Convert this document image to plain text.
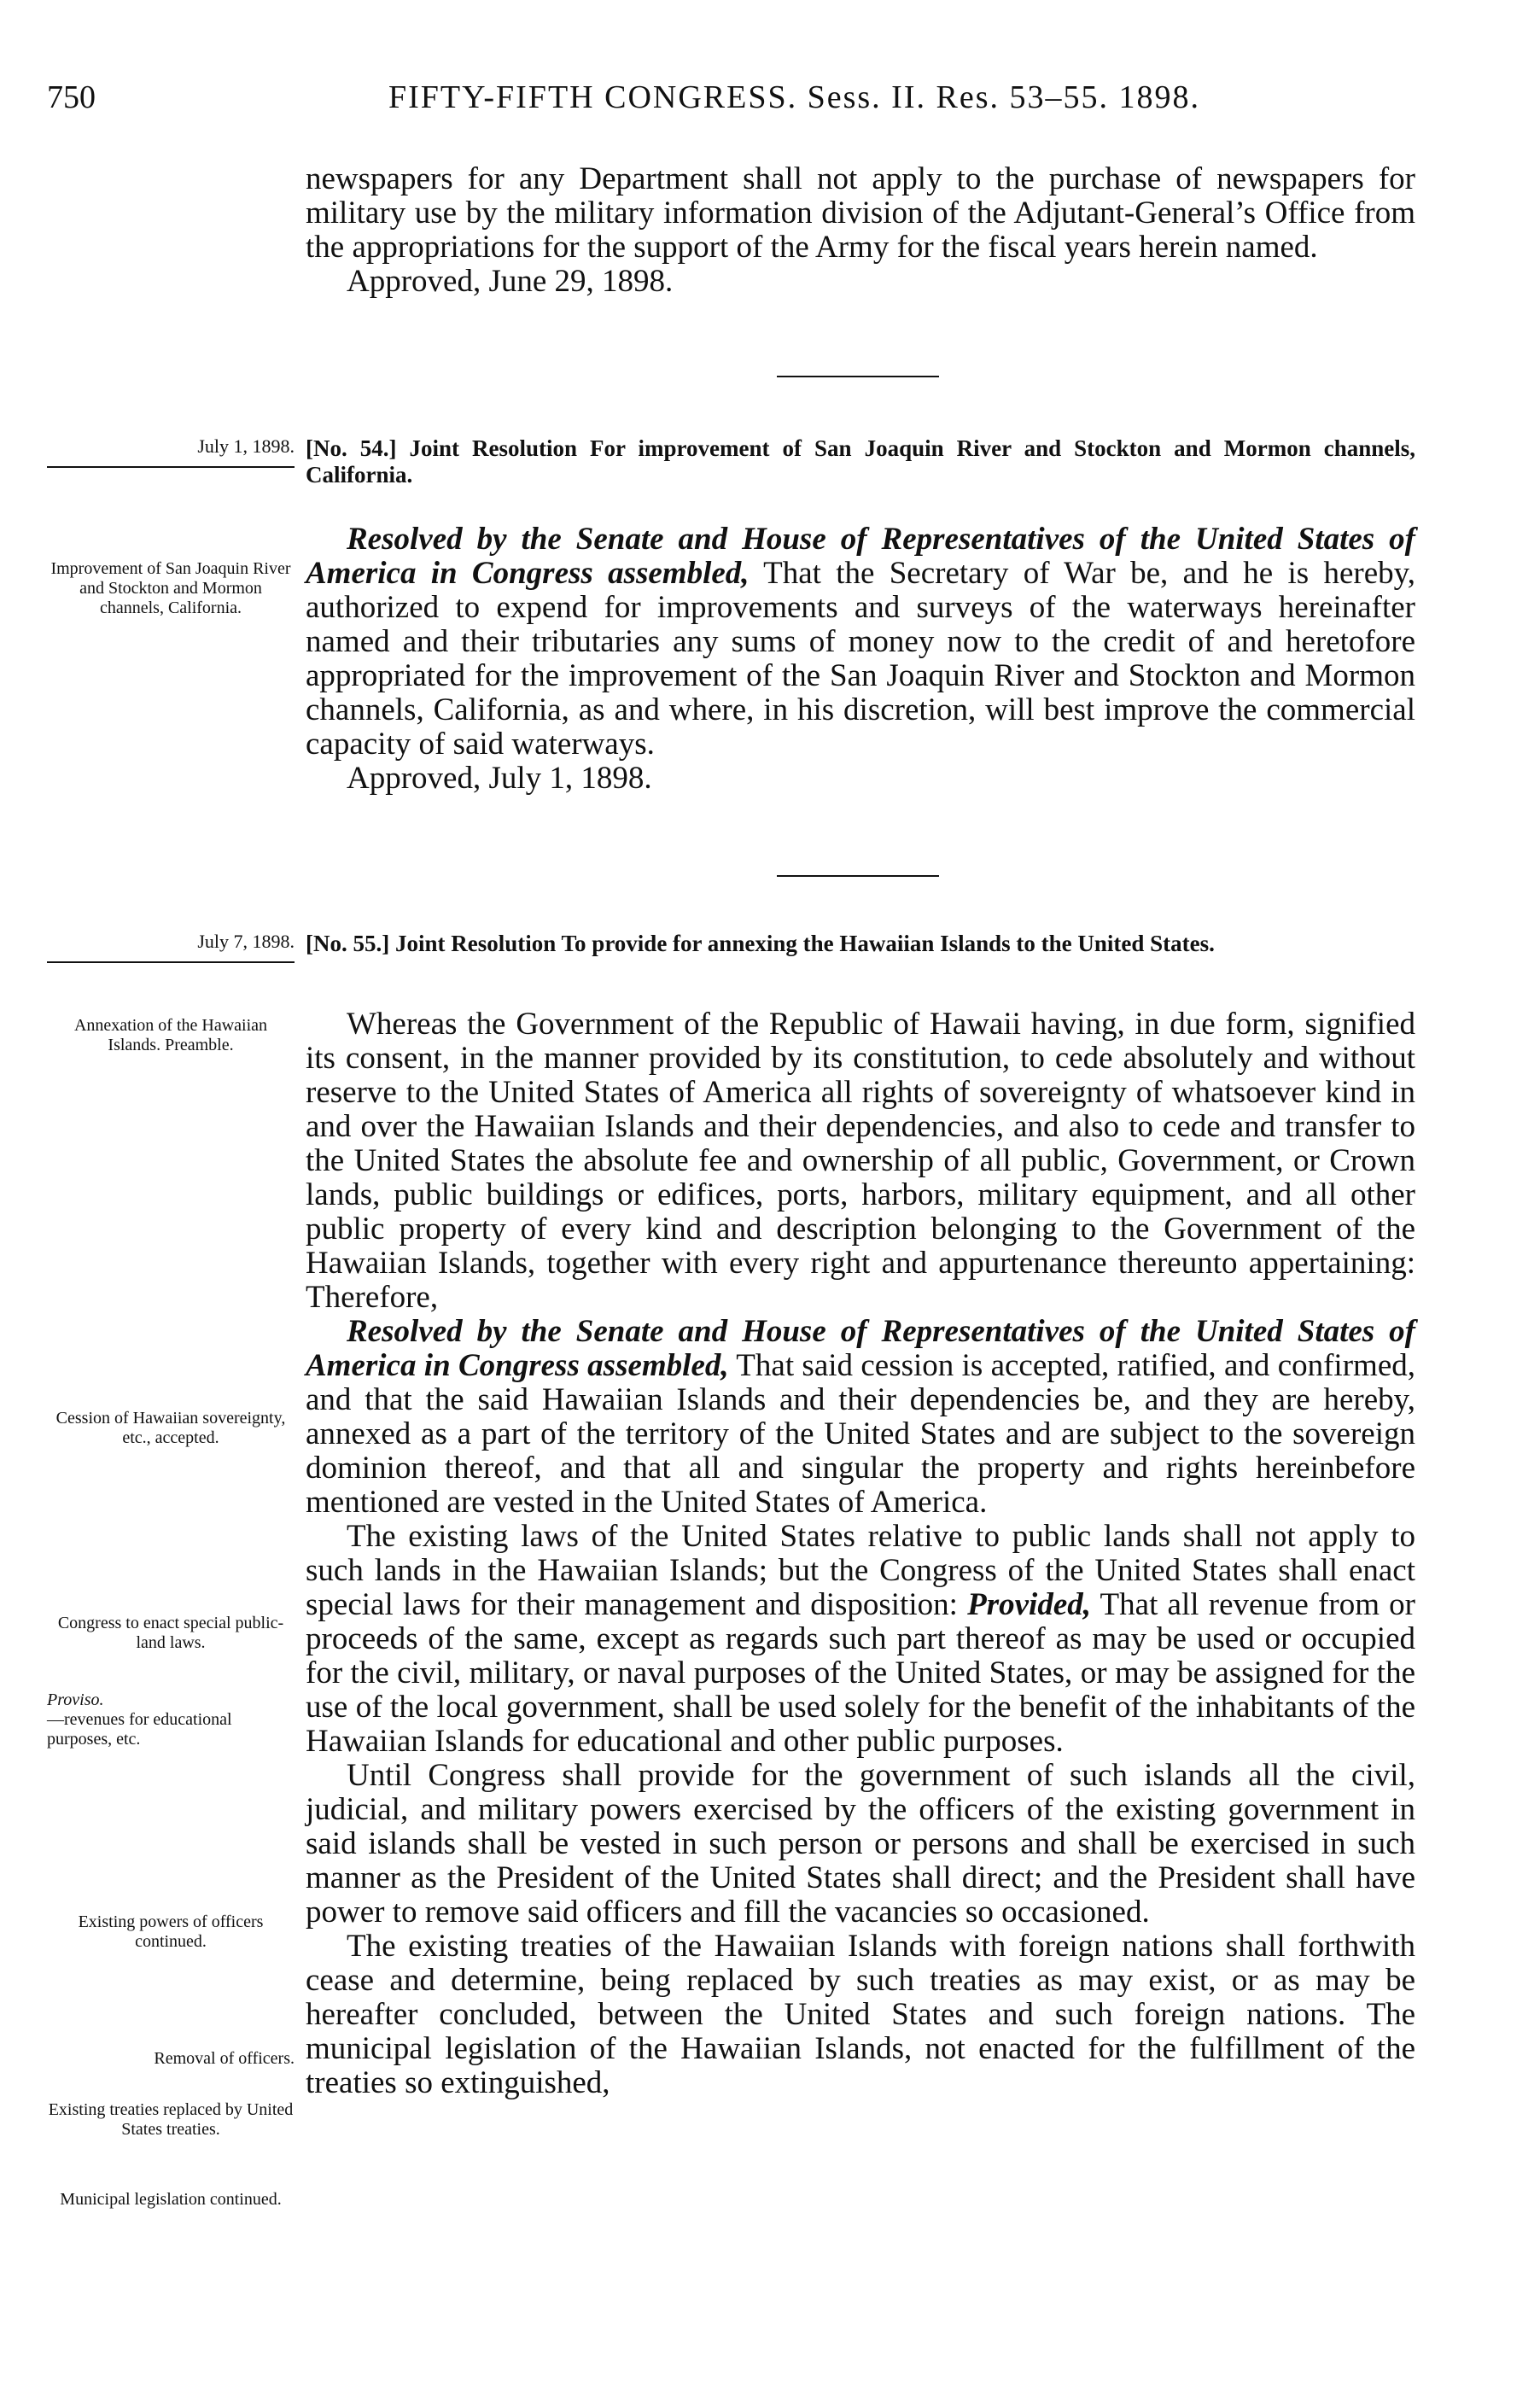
750	FIFTY-FIFTH CONGRESS. Sess. II. Res. 53–55. 1898.

newspapers for any Department shall not apply to the purchase of newspapers for military use by the military information division of the Adjutant-General’s Office from the appropriations for the support of the Army for the fiscal years herein named.

Approved, June 29, 1898.

July 1, 1898. [No. 54.] Joint Resolution For improvement of San Joaquin River and Stockton and Mormon channels, California.
Improvement of San Joaquin River and Stockton and Mormon channels, California.

Resolved by the Senate and House of Representatives of the United States of America in Congress assembled, That the Secretary of War be, and he is hereby, authorized to expend for improvements and surveys of the waterways hereinafter named and their tributaries any sums of money now to the credit of and heretofore appropriated for the improvement of the San Joaquin River and Stockton and Mormon channels, California, as and where, in his discretion, will best improve the commercial capacity of said waterways.

Approved, July 1, 1898.

July 7, 1898. [No. 55.] Joint Resolution To provide for annexing the Hawaiian Islands to the United States.
Annexation of the Hawaiian Islands. Preamble.
Cession of Hawaiian sovereignty, etc., accepted.
Congress to enact special public-land laws.
Proviso.
—revenues for educational purposes, etc.
Existing powers of officers continued.
Removal of officers.
Existing treaties replaced by United States treaties.
Municipal legislation continued.

Whereas the Government of the Republic of Hawaii having, in due form, signified its consent, in the manner provided by its constitution, to cede absolutely and without reserve to the United States of America all rights of sovereignty of whatsoever kind in and over the Hawaiian Islands and their dependencies, and also to cede and transfer to the United States the absolute fee and ownership of all public, Government, or Crown lands, public buildings or edifices, ports, harbors, military equipment, and all other public property of every kind and description belonging to the Government of the Hawaiian Islands, together with every right and appurtenance thereunto appertaining: Therefore,

Resolved by the Senate and House of Representatives of the United States of America in Congress assembled, That said cession is accepted, ratified, and confirmed, and that the said Hawaiian Islands and their dependencies be, and they are hereby, annexed as a part of the territory of the United States and are subject to the sovereign dominion thereof, and that all and singular the property and rights hereinbefore mentioned are vested in the United States of America.

The existing laws of the United States relative to public lands shall not apply to such lands in the Hawaiian Islands; but the Congress of the United States shall enact special laws for their management and disposition: Provided, That all revenue from or proceeds of the same, except as regards such part thereof as may be used or occupied for the civil, military, or naval purposes of the United States, or may be assigned for the use of the local government, shall be used solely for the benefit of the inhabitants of the Hawaiian Islands for educational and other public purposes.

Until Congress shall provide for the government of such islands all the civil, judicial, and military powers exercised by the officers of the existing government in said islands shall be vested in such person or persons and shall be exercised in such manner as the President of the United States shall direct; and the President shall have power to remove said officers and fill the vacancies so occasioned.

The existing treaties of the Hawaiian Islands with foreign nations shall forthwith cease and determine, being replaced by such treaties as may exist, or as may be hereafter concluded, between the United States and such foreign nations. The municipal legislation of the Hawaiian Islands, not enacted for the fulfillment of the treaties so extinguished,
